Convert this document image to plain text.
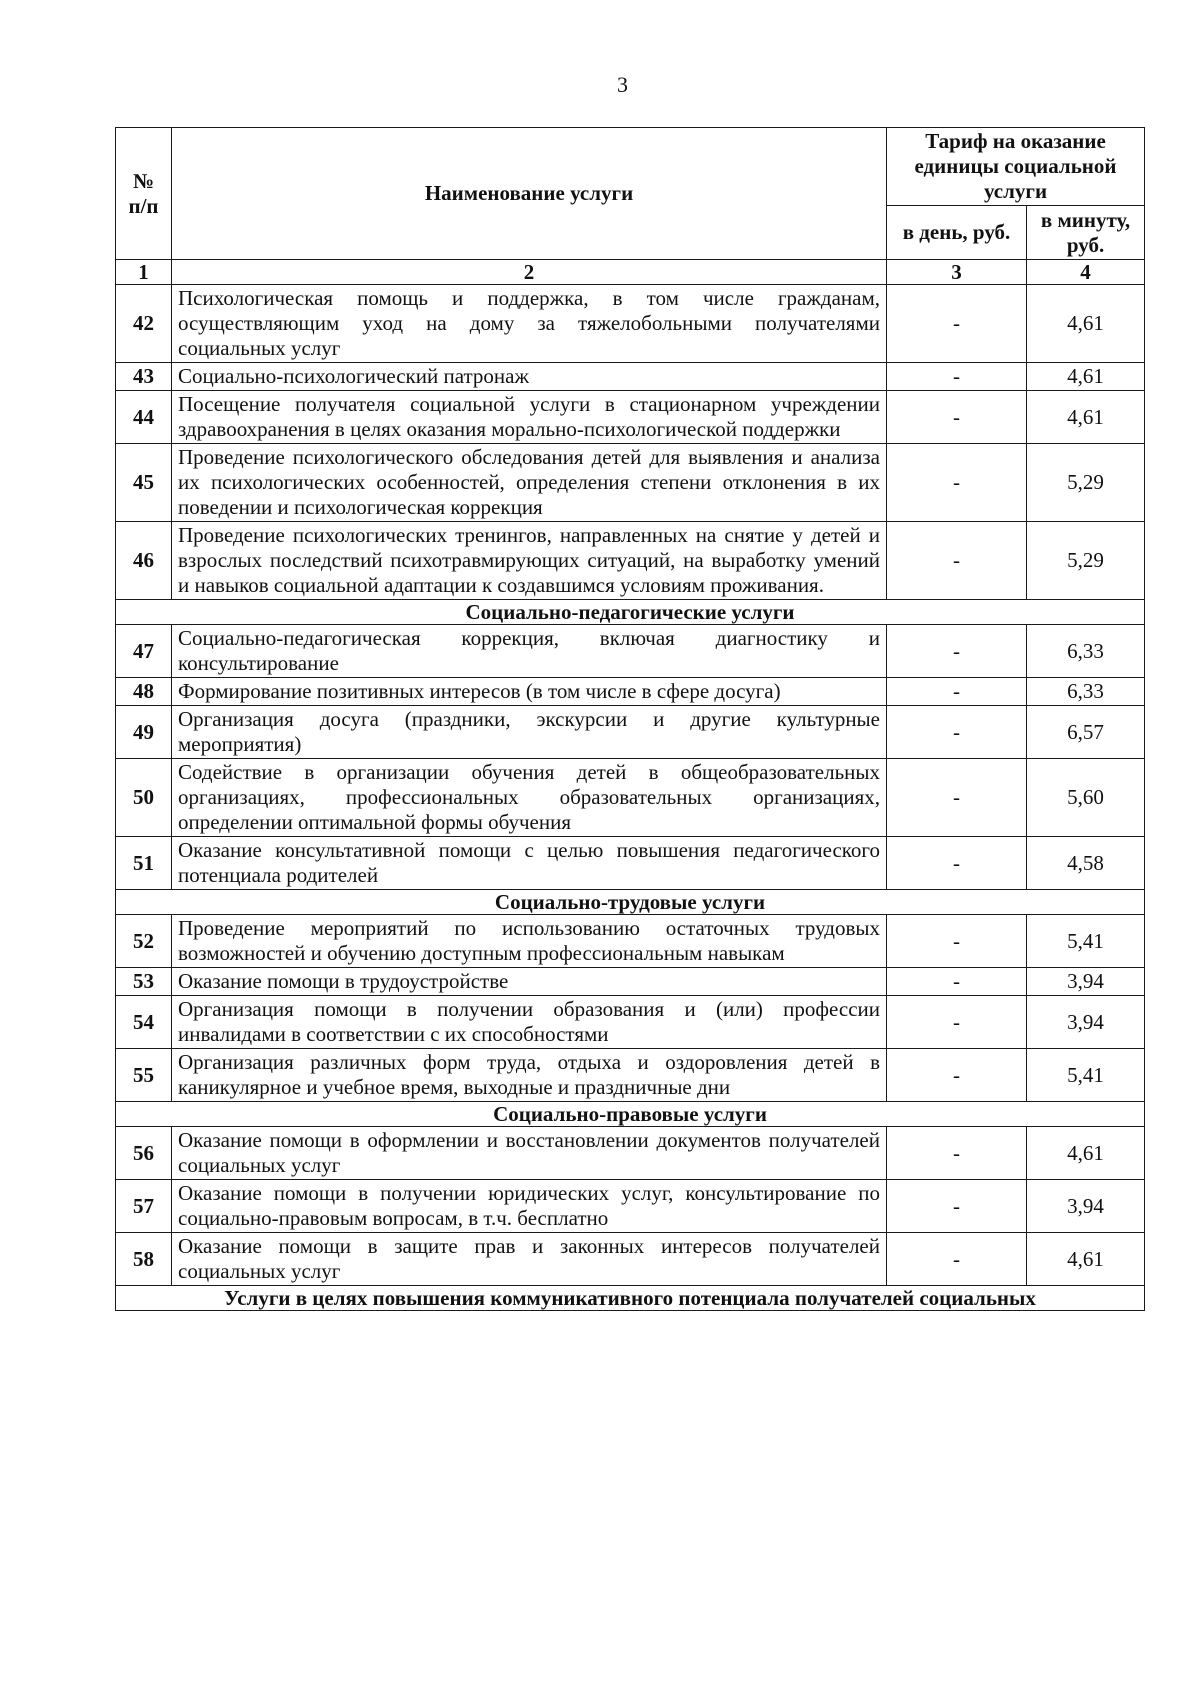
3
№ п/п	Наименование услуги	Тариф на оказание единицы социальной услуги	
		в день, руб.	в минуту, руб.
1	2	3	4
42	Психологическая помощь и поддержка, в том числе гражданам, осуществляющим уход на дому за тяжелобольными получателями социальных услуг	-	4,61
43	Социально-психологический патронаж	-	4,61
44	Посещение получателя социальной услуги в стационарном учреждении здравоохранения в целях оказания морально-психологической поддержки	-	4,61
45	Проведение психологического обследования детей для выявления и анализа их психологических особенностей, определения степени отклонения в их поведении и психологическая коррекция	-	5,29
46	Проведение психологических тренингов, направленных на снятие у детей и взрослых последствий психотравмирующих ситуаций, на выработку умений и навыков социальной адаптации к создавшимся условиям проживания.	-	5,29
Социально-педагогические услуги			
47	Социально-педагогическая коррекция, включая диагностику и консультирование	-	6,33
48	Формирование позитивных интересов (в том числе в сфере досуга)	-	6,33
49	Организация досуга (праздники, экскурсии и другие культурные мероприятия)	-	6,57
50	Содействие в организации обучения детей в общеобразовательных организациях, профессиональных образовательных организациях, определении оптимальной формы обучения	-	5,60
51	Оказание консультативной помощи с целью повышения педагогического потенциала родителей	-	4,58
Социально-трудовые услуги			
52	Проведение мероприятий по использованию остаточных трудовых возможностей и обучению доступным профессиональным навыкам	-	5,41
53	Оказание помощи в трудоустройстве	-	3,94
54	Организация помощи в получении образования и (или) профессии инвалидами в соответствии с их способностями	-	3,94
55	Организация различных форм труда, отдыха и оздоровления детей в каникулярное и учебное время, выходные и праздничные дни	-	5,41
Социально-правовые услуги			
56	Оказание помощи в оформлении и восстановлении документов получателей социальных услуг	-	4,61
57	Оказание помощи в получении юридических услуг, консультирование по социально-правовым вопросам, в т.ч. бесплатно	-	3,94
58	Оказание помощи в защите прав и законных интересов получателей социальных услуг	-	4,61
Услуги в целях повышения коммуникативного потенциала получателей социальных			
